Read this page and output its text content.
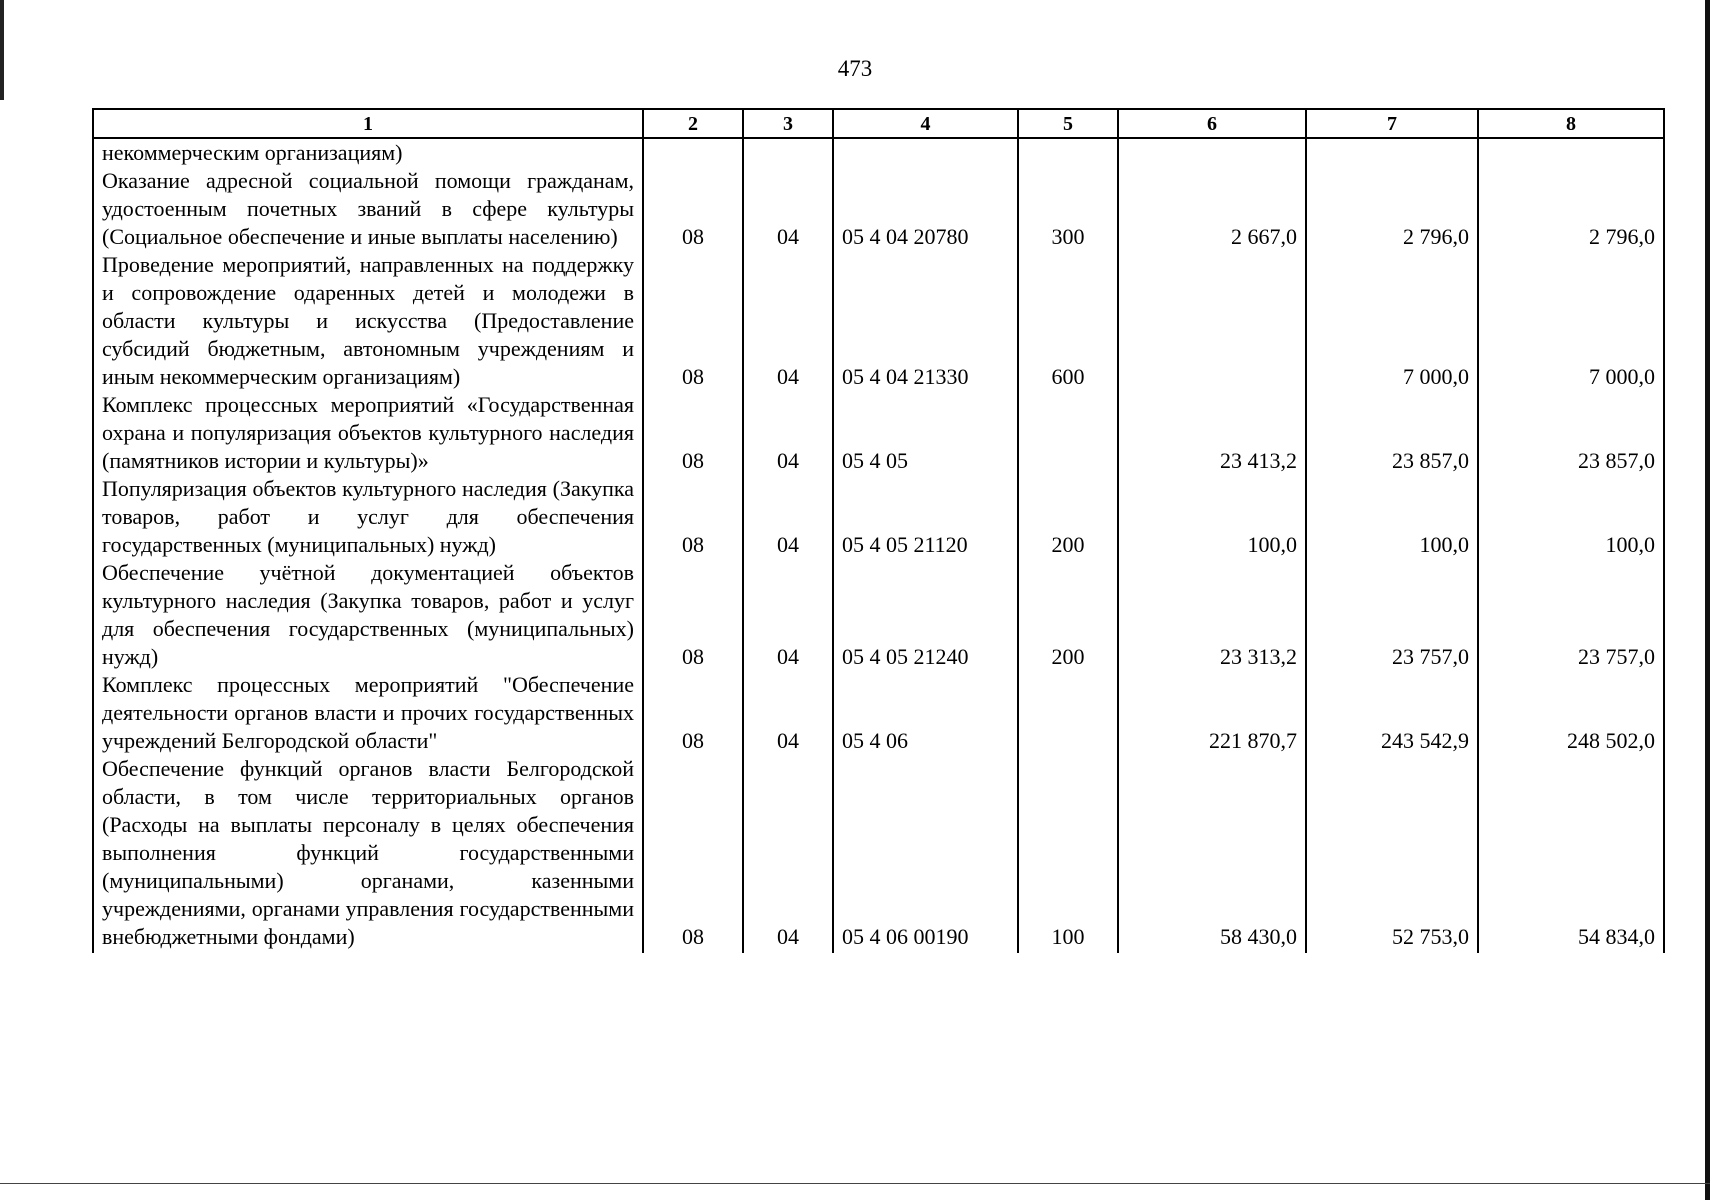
473
1	2	3	4	5	6	7	8
некоммерческим организациям)							
Оказание адресной социальной помощи гражданам, удостоенным почетных званий в сфере культуры (Социальное обеспечение и иные выплаты населению)	08	04	05 4 04 20780	300	2 667,0	2 796,0	2 796,0
Проведение мероприятий, направленных на поддержку и сопровождение одаренных детей и молодежи в области культуры и искусства (Предоставление субсидий бюджетным, автономным учреждениям и иным некоммерческим организациям)	08	04	05 4 04 21330	600		7 000,0	7 000,0
Комплекс процессных мероприятий «Государственная охрана и популяризация объектов культурного наследия (памятников истории и культуры)»	08	04	05 4 05		23 413,2	23 857,0	23 857,0
Популяризация объектов культурного наследия (Закупка товаров, работ и услуг для обеспечения государственных (муниципальных) нужд)	08	04	05 4 05 21120	200	100,0	100,0	100,0
Обеспечение учётной документацией объектов культурного наследия (Закупка товаров, работ и услуг для обеспечения государственных (муниципальных) нужд)	08	04	05 4 05 21240	200	23 313,2	23 757,0	23 757,0
Комплекс процессных мероприятий "Обеспечение деятельности органов власти и прочих государственных учреждений Белгородской области"	08	04	05 4 06		221 870,7	243 542,9	248 502,0
Обеспечение функций органов власти Белгородской области, в том числе территориальных органов (Расходы на выплаты персоналу в целях обеспечения выполнения функций государственными (муниципальными) органами, казенными учреждениями, органами управления государственными внебюджетными фондами)	08	04	05 4 06 00190	100	58 430,0	52 753,0	54 834,0
